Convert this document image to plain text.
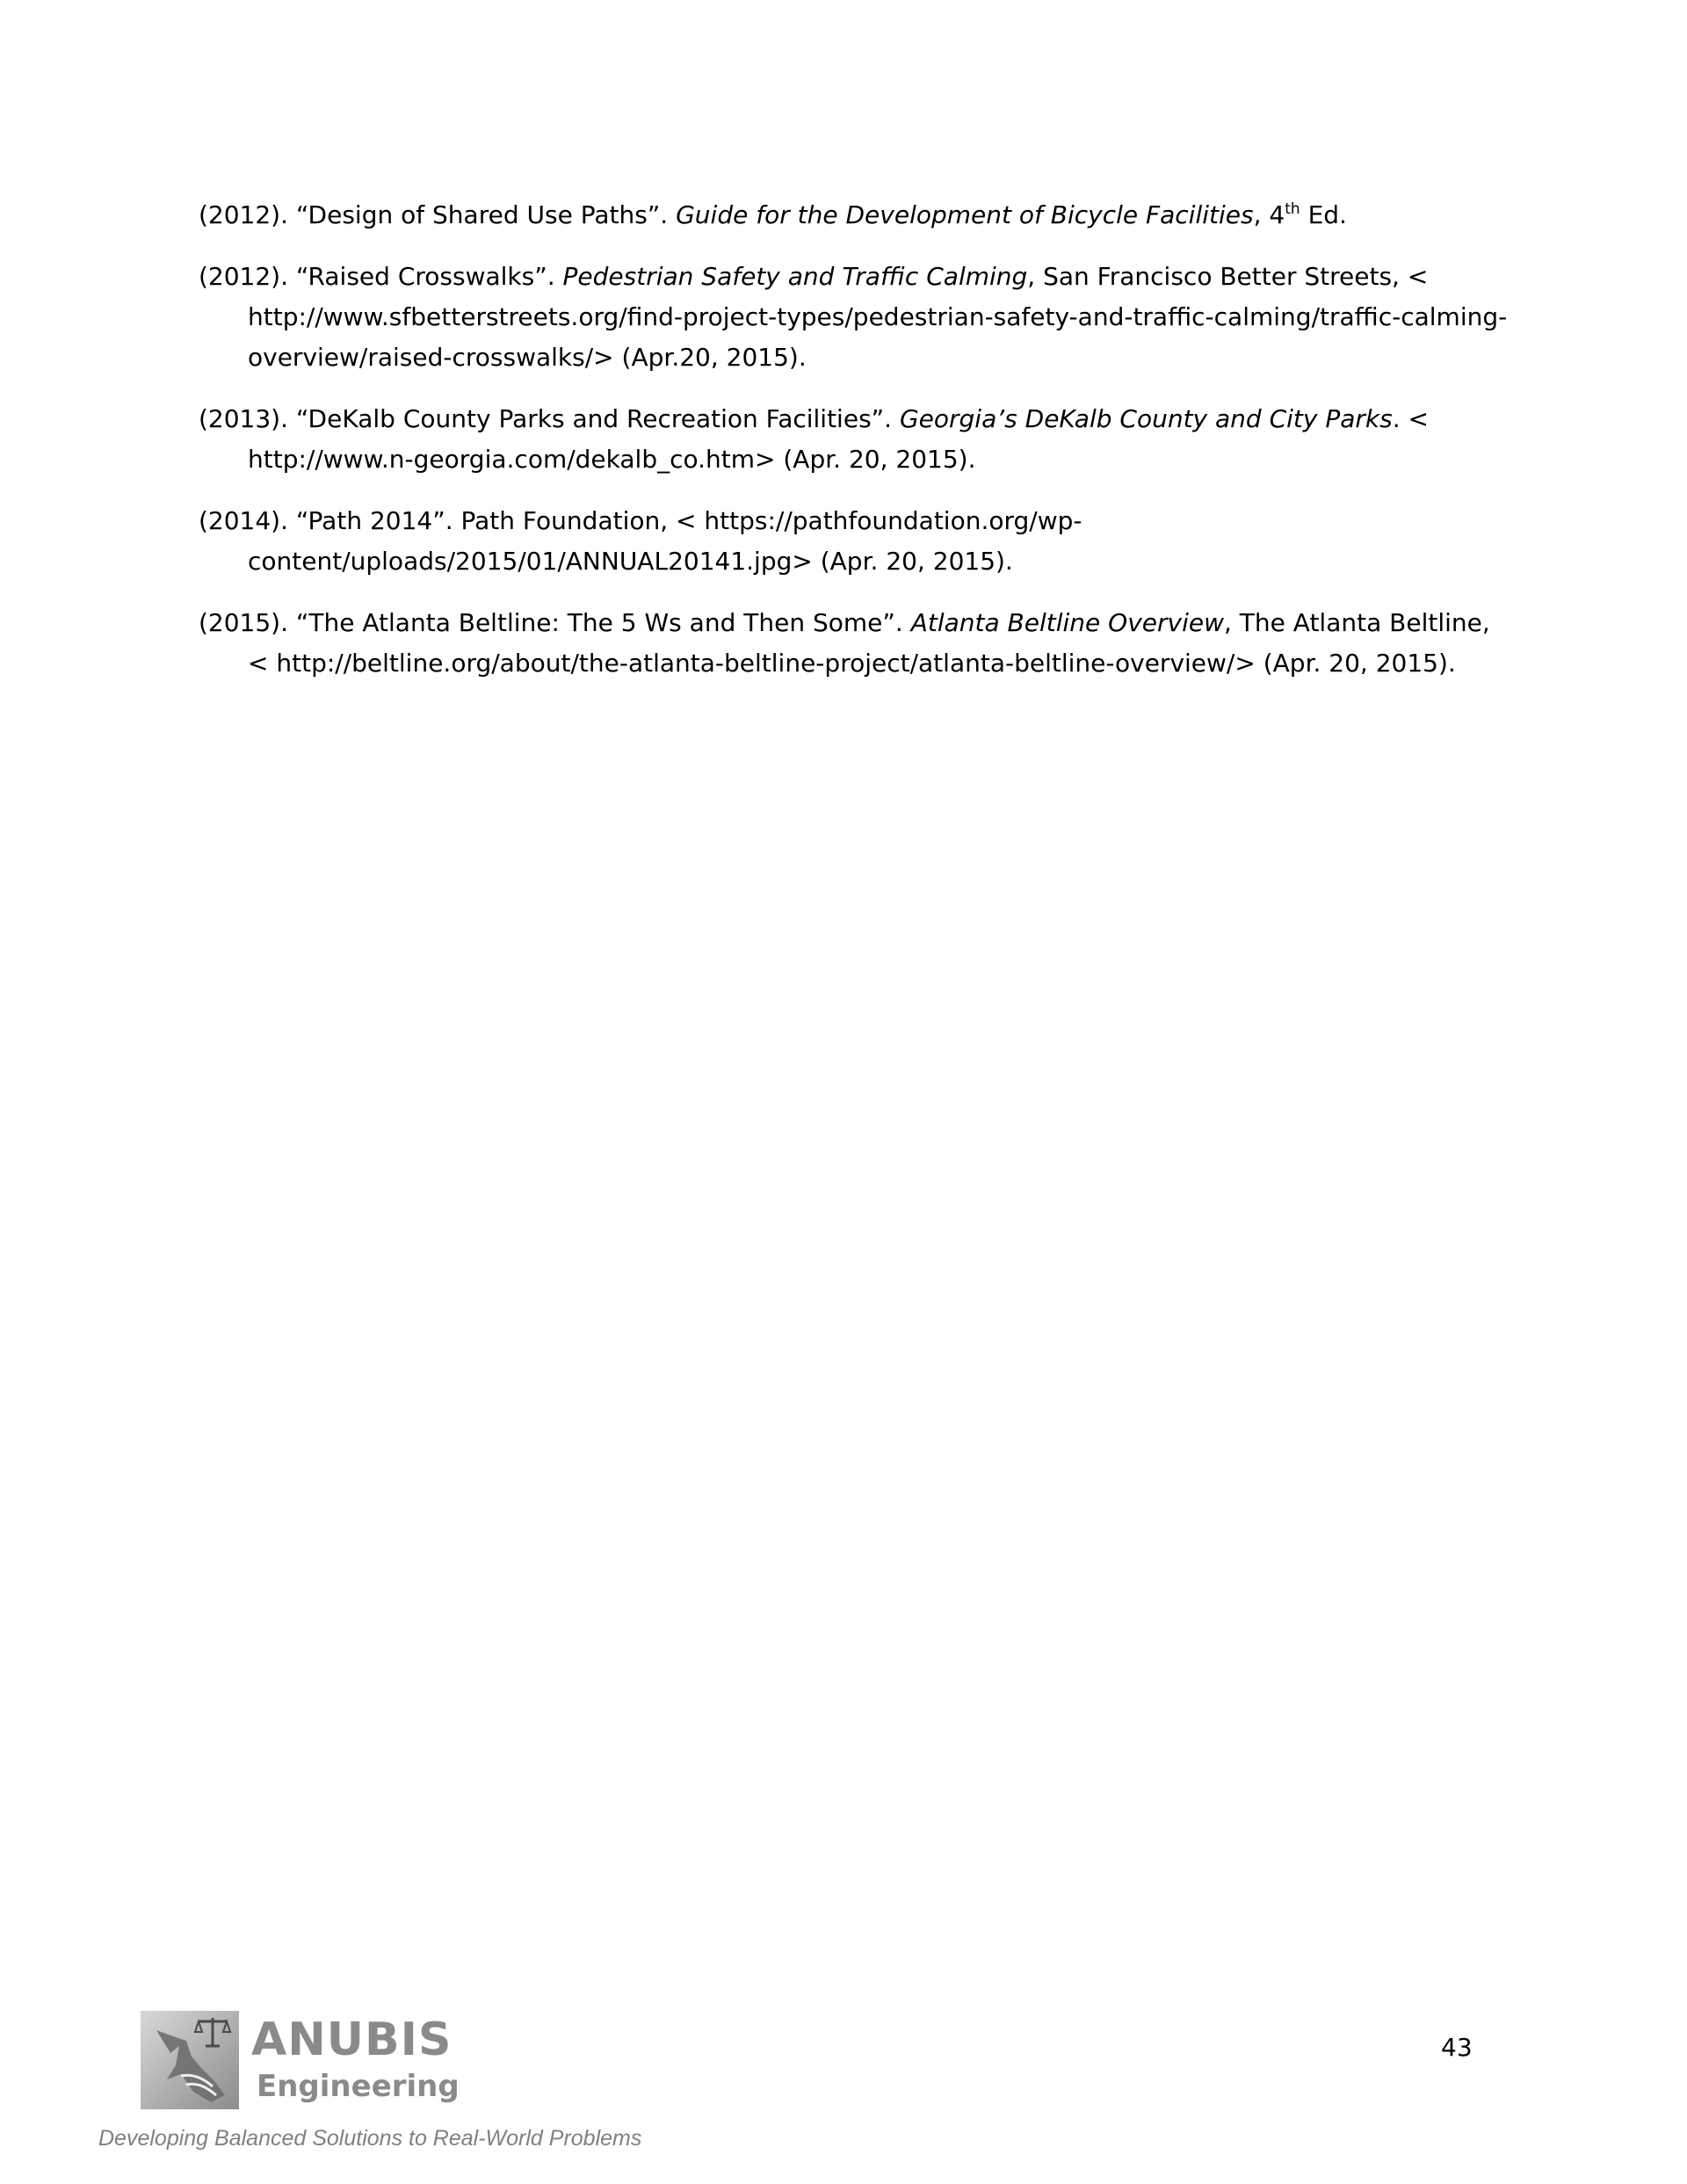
(2012). “Design of Shared Use Paths”. Guide for the Development of Bicycle Facilities, 4th Ed.
(2012). “Raised Crosswalks”. Pedestrian Safety and Traffic Calming, San Francisco Better Streets, < http://www.sfbetterstreets.org/find-project-types/pedestrian-safety-and-traffic-calming/traffic-calming-overview/raised-crosswalks/> (Apr.20, 2015).
(2013). “DeKalb County Parks and Recreation Facilities”. Georgia’s DeKalb County and City Parks. < http://www.n-georgia.com/dekalb_co.htm> (Apr. 20, 2015).
(2014). “Path 2014”. Path Foundation, < https://pathfoundation.org/wp-content/uploads/2015/01/ANNUAL20141.jpg> (Apr. 20, 2015).
(2015). “The Atlanta Beltline: The 5 Ws and Then Some”. Atlanta Beltline Overview, The Atlanta Beltline, < http://beltline.org/about/the-atlanta-beltline-project/atlanta-beltline-overview/> (Apr. 20, 2015).
ANUBIS
Engineering
43
Developing Balanced Solutions to Real-World Problems
